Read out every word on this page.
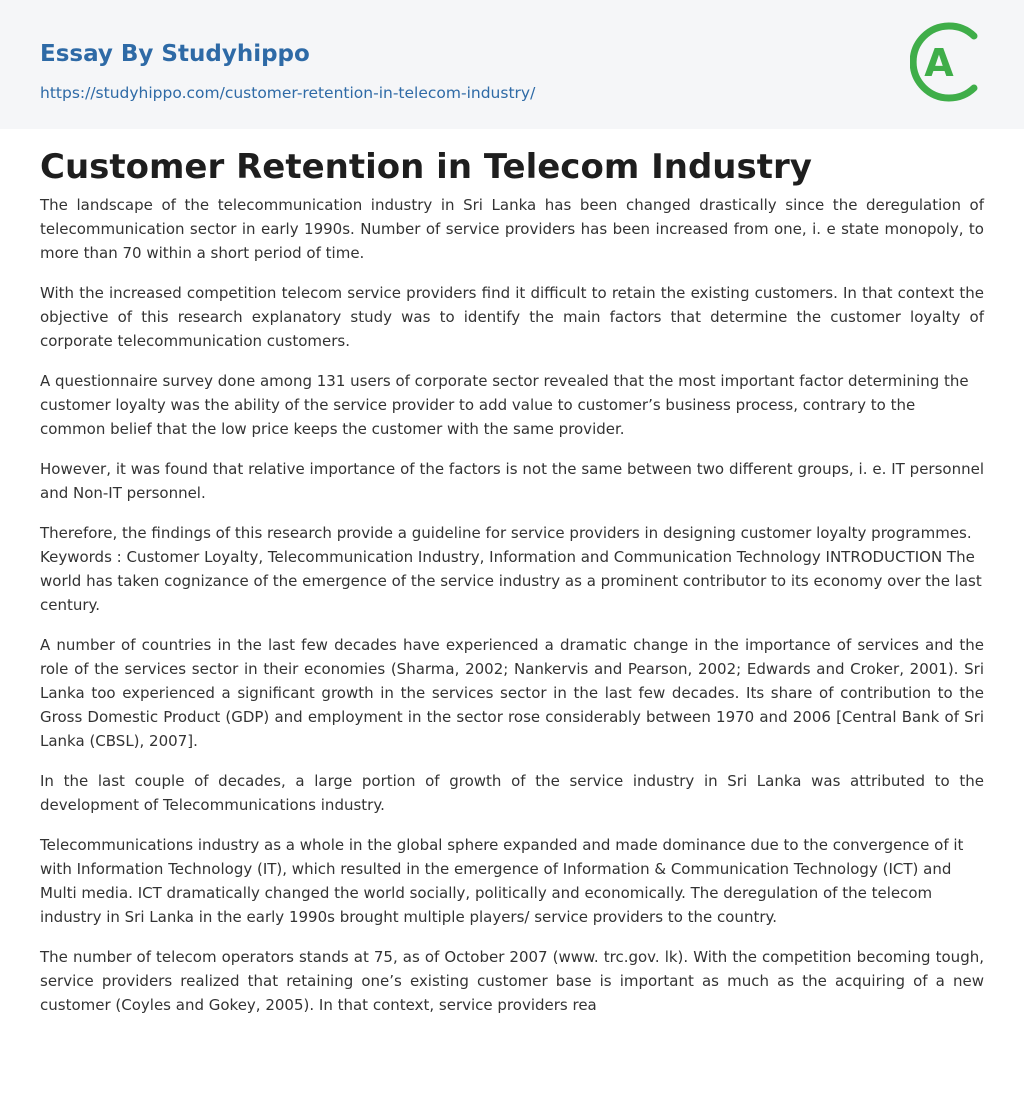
Essay By Studyhippo
https://studyhippo.com/customer-retention-in-telecom-industry/
A
Customer Retention in Telecom Industry

The landscape of the telecommunication industry in Sri Lanka has been changed drastically since the deregulation of telecommunication sector in early 1990s. Number of service providers has been increased from one, i. e state monopoly, to more than 70 within a short period of time.

With the increased competition telecom service providers find it difficult to retain the existing customers. In that context the objective of this research explanatory study was to identify the main factors that determine the customer loyalty of corporate telecommunication customers.

A questionnaire survey done among 131 users of corporate sector revealed that the most important factor determining the customer loyalty was the ability of the service provider to add value to customer’s business process, contrary to the common belief that the low price keeps the customer with the same provider.

However, it was found that relative importance of the factors is not the same between two different groups, i. e. IT personnel and Non-IT personnel.

Therefore, the findings of this research provide a guideline for service providers in designing customer loyalty programmes. Keywords : Customer Loyalty, Telecommunication Industry, Information and Communication Technology INTRODUCTION The world has taken cognizance of the emergence of the service industry as a prominent contributor to its economy over the last century.

A number of countries in the last few decades have experienced a dramatic change in the importance of services and the role of the services sector in their economies (Sharma, 2002; Nankervis and Pearson, 2002; Edwards and Croker, 2001). Sri Lanka too experienced a significant growth in the services sector in the last few decades. Its share of contribution to the Gross Domestic Product (GDP) and employment in the sector rose considerably between 1970 and 2006 [Central Bank of Sri Lanka (CBSL), 2007].

In the last couple of decades, a large portion of growth of the service industry in Sri Lanka was attributed to the development of Telecommunications industry.

Telecommunications industry as a whole in the global sphere expanded and made dominance due to the convergence of it with Information Technology (IT), which resulted in the emergence of Information & Communication Technology (ICT) and Multi media. ICT dramatically changed the world socially, politically and economically. The deregulation of the telecom industry in Sri Lanka in the early 1990s brought multiple players/ service providers to the country.

The number of telecom operators stands at 75, as of October 2007 (www. trc.gov. lk). With the competition becoming tough, service providers realized that retaining one’s existing customer base is important as much as the acquiring of a new customer (Coyles and Gokey, 2005). In that context, service providers rea
